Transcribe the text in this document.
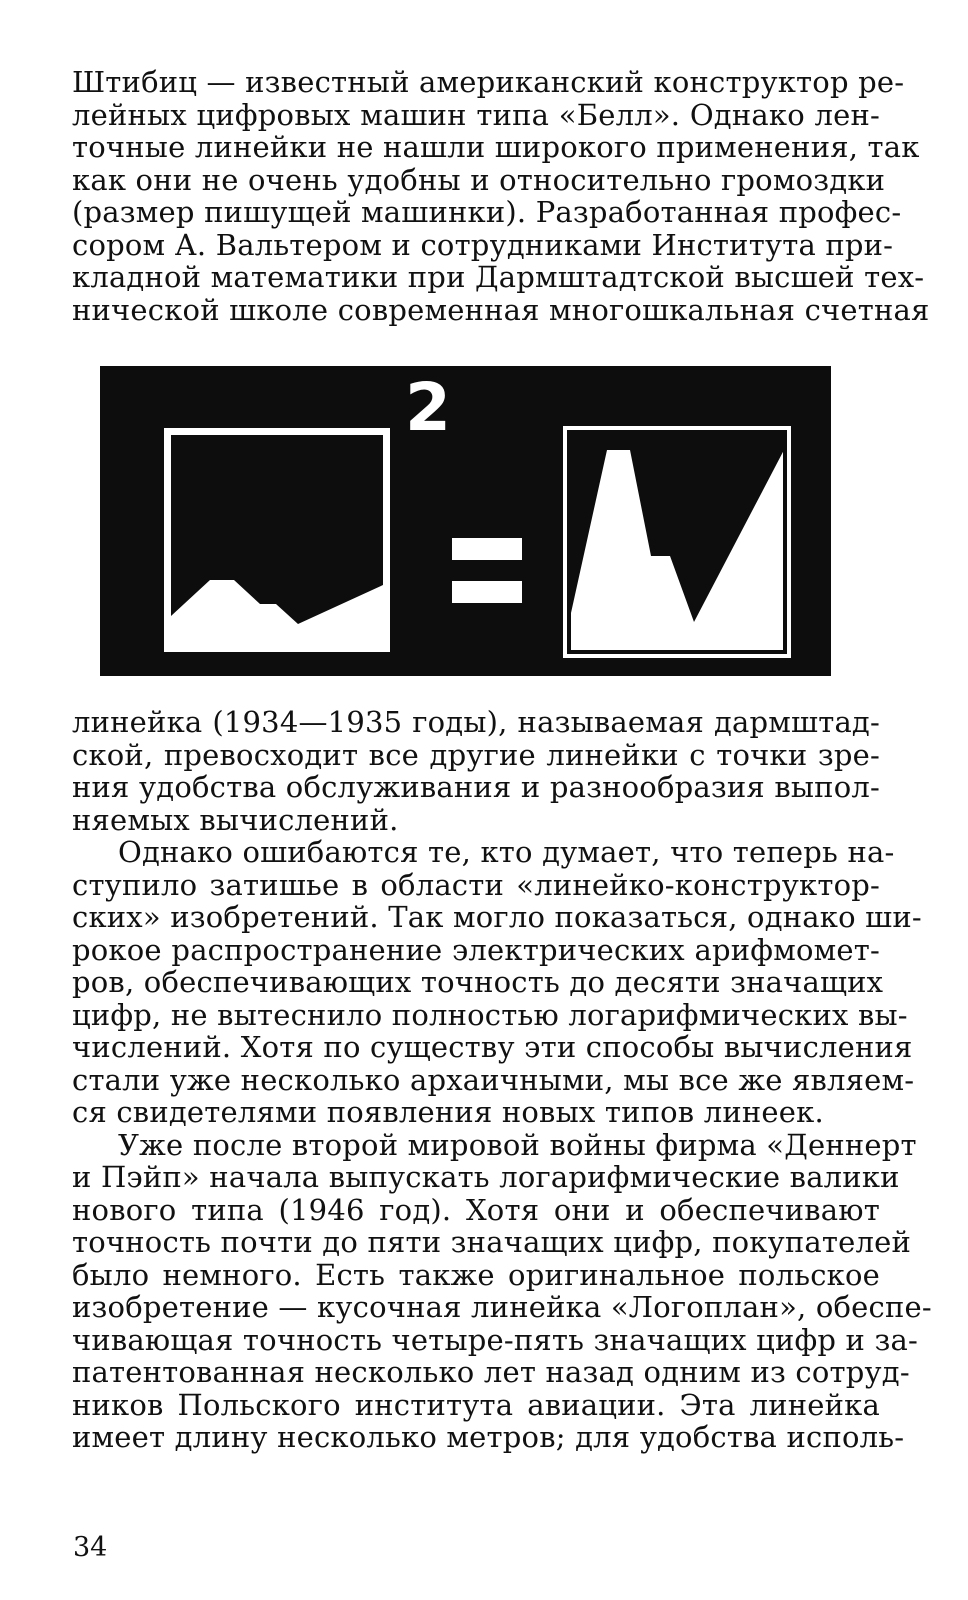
Штибиц — известный американский конструктор ре-
лейных цифровых машин типа «Белл». Однако лен-
точные линейки не нашли широкого применения, так
как они не очень удобны и относительно громоздки
(размер пишущей машинки). Разработанная профес-
сором А. Вальтером и сотрудниками Института при-
кладной математики при Дармштадтской высшей тех-
нической школе современная многошкальная счетная
2
линейка (1934—1935 годы), называемая дармштад-
ской, превосходит все другие линейки с точки зре-
ния удобства обслуживания и разнообразия выпол-
няемых вычислений.
Однако ошибаются те, кто думает, что теперь на-
ступило затишье в области «линейко-конструктор-
ских» изобретений. Так могло показаться, однако ши-
рокое распространение электрических арифмомет-
ров, обеспечивающих точность до десяти значащих
цифр, не вытеснило полностью логарифмических вы-
числений. Хотя по существу эти способы вычисления
стали уже несколько архаичными, мы все же являем-
ся свидетелями появления новых типов линеек.
Уже после второй мировой войны фирма «Деннерт
и Пэйп» начала выпускать логарифмические валики
нового типа (1946 год). Хотя они и обеспечивают
точность почти до пяти значащих цифр, покупателей
было немного. Есть также оригинальное польское
изобретение — кусочная линейка «Логоплан», обеспе-
чивающая точность четыре-пять значащих цифр и за-
патентованная несколько лет назад одним из сотруд-
ников Польского института авиации. Эта линейка
имеет длину несколько метров; для удобства исполь-
34
